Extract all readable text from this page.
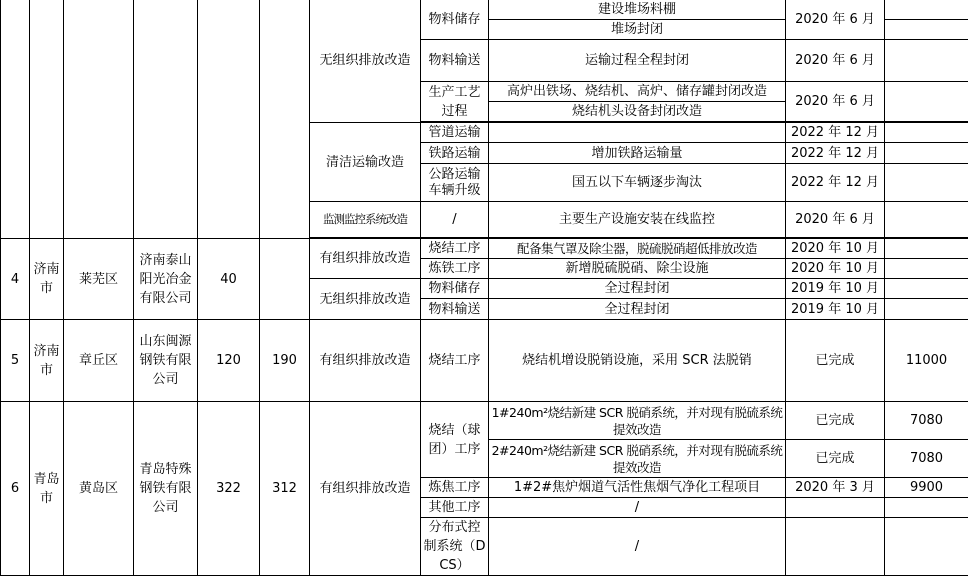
						无组织排放改造	物料储存	建设堆场料棚	2020 年 6 月	
								堆场封闭		
							物料输送	运输过程全程封闭	2020 年 6 月	
							生产工艺过程	高炉出铁场、烧结机、高炉、储存罐封闭改造	2020 年 6 月	
								烧结机头设备封闭改造		

						清洁运输改造	管道运输		2022 年 12 月	
							铁路运输	增加铁路运输量	2022 年 12 月	
							公路运输车辆升级	国五以下车辆逐步淘汰	2022 年 12 月	
						监测监控系统改造	/	主要生产设施安装在线监控	2020 年 6 月	

4	济南市	莱芜区	济南泰山阳光冶金有限公司	40		有组织排放改造	烧结工序	配备集气罩及除尘器，脱硫脱硝超低排放改造	2020 年 10 月	
							炼铁工序	新增脱硫脱硝、除尘设施	2020 年 10 月	
						无组织排放改造	物料储存	全过程封闭	2019 年 10 月	
							物料输送	全过程封闭	2019 年 10 月	
5	济南市	章丘区	山东闽源钢铁有限公司	120	190	有组织排放改造	烧结工序	烧结机增设脱销设施，采用 SCR 法脱销	已完成	11000
6	青岛市	黄岛区	青岛特殊钢铁有限公司	322	312	有组织排放改造	烧结（球团）工序	1#240m²烧结新建 SCR 脱硝系统，并对现有脱硫系统提效改造	已完成	7080
								2#240m²烧结新建 SCR 脱硝系统，并对现有脱硫系统提效改造	已完成	7080
							炼焦工序	1#2#焦炉烟道气活性焦烟气净化工程项目	2020 年 3 月	9900
							其他工序	/		
							分布式控制系统（DCS）	/		
